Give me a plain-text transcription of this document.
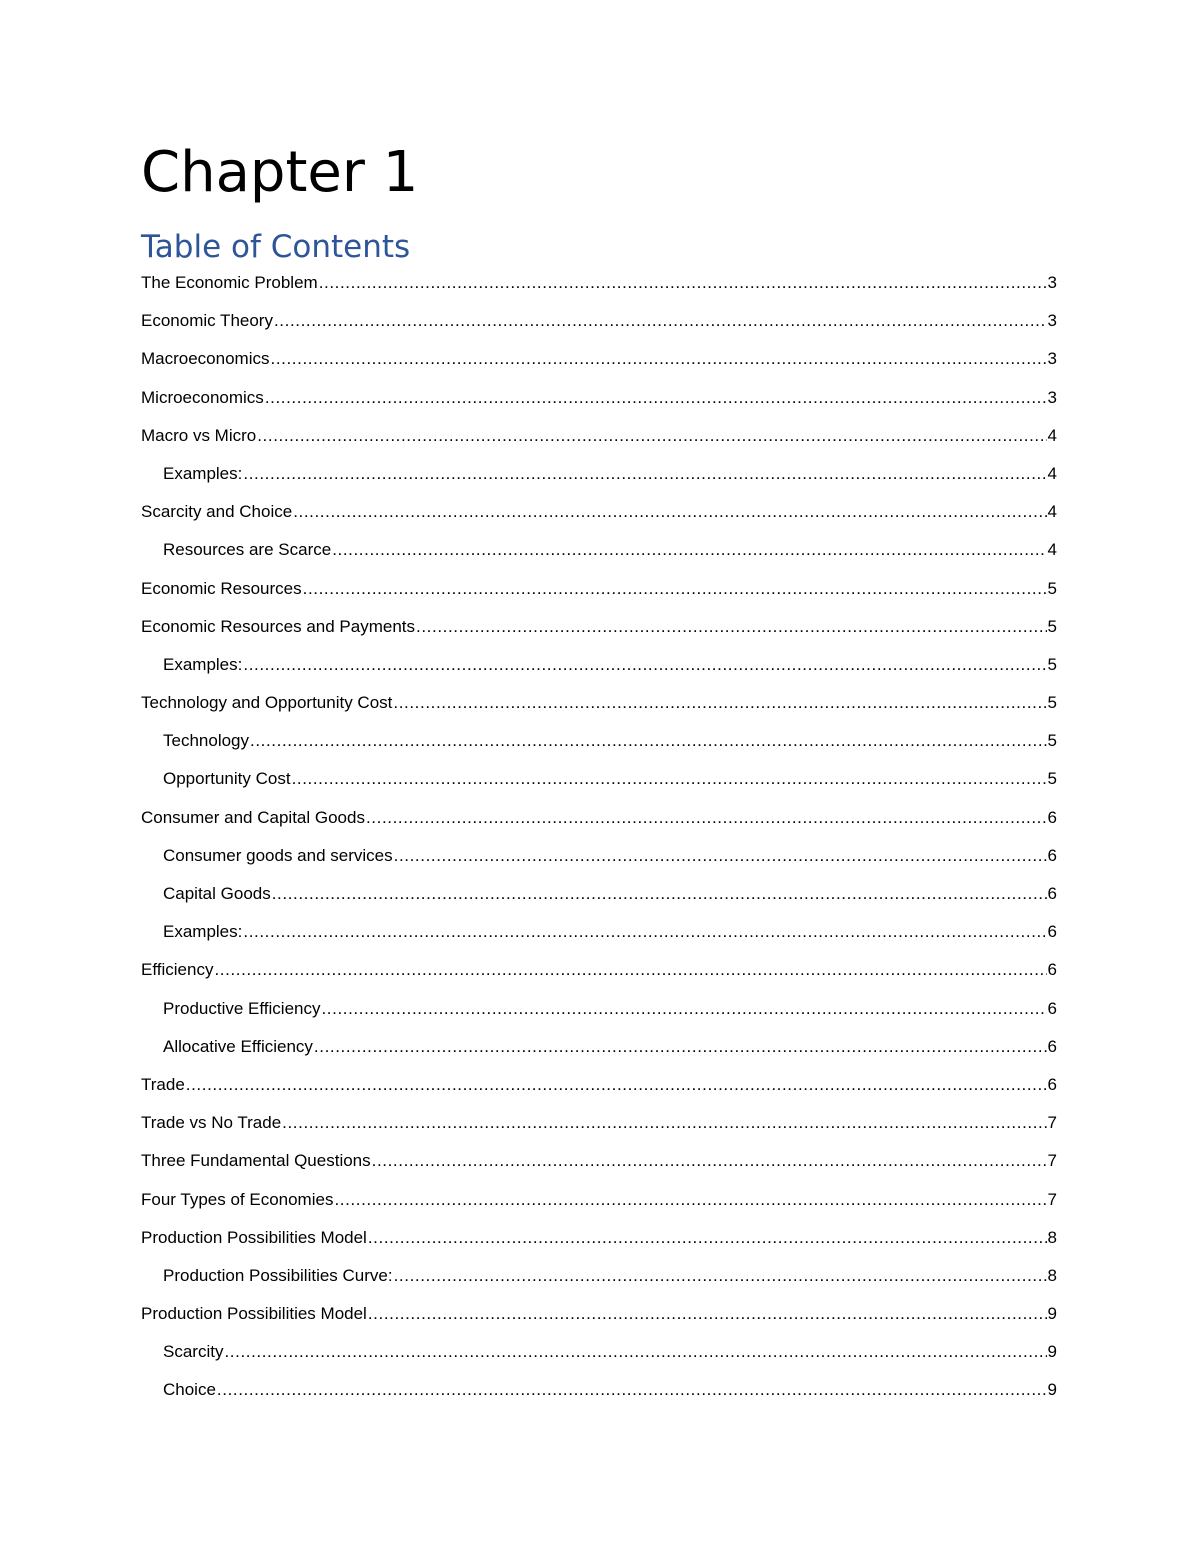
Chapter 1
Table of Contents
The Economic Problem .....	3
Economic Theory .....	3
Macroeconomics .....	3
Microeconomics .....	3
Macro vs Micro .....	4
Examples: .....	4
Scarcity and Choice .....	4
Resources are Scarce .....	4
Economic Resources .....	5
Economic Resources and Payments .....	5
Examples: .....	5
Technology and Opportunity Cost .....	5
Technology .....	5
Opportunity Cost .....	5
Consumer and Capital Goods .....	6
Consumer goods and services .....	6
Capital Goods .....	6
Examples: .....	6
Efficiency .....	6
Productive Efficiency .....	6
Allocative Efficiency .....	6
Trade .....	6
Trade vs No Trade .....	7
Three Fundamental Questions .....	7
Four Types of Economies .....	7
Production Possibilities Model .....	8
Production Possibilities Curve: .....	8
Production Possibilities Model .....	9
Scarcity .....	9
Choice .....	9
